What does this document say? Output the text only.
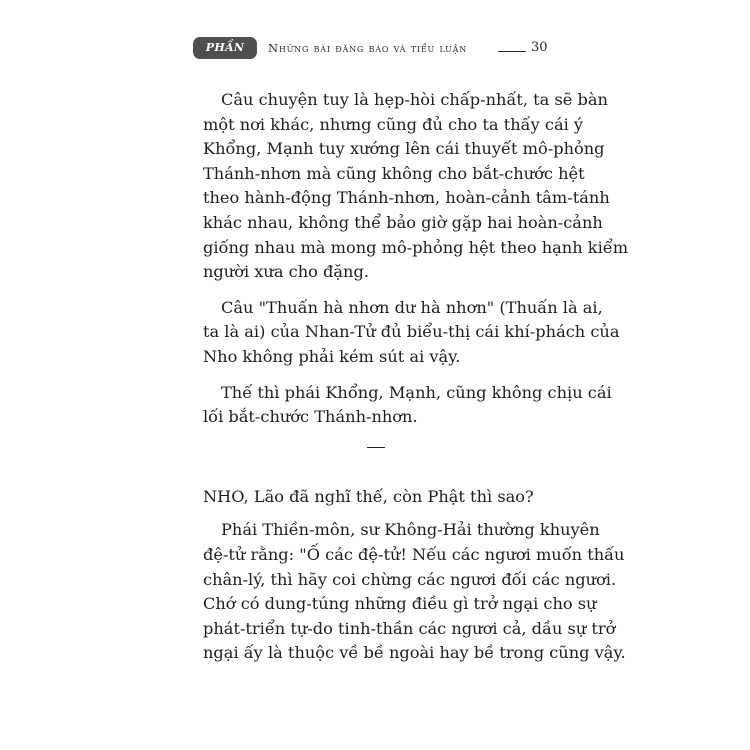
PHẦN MỘT
Những bài đăng báo và tiểu luận	30

Câu chuyện tuy là hẹp-hòi chấp-nhất, ta sẽ bàn

một nơi khác, nhưng cũng đủ cho ta thấy cái ý

Khổng, Mạnh tuy xướng lên cái thuyết mô-phỏng

Thánh-nhơn mà cũng không cho bắt-chước hệt

theo hành-động Thánh-nhơn, hoàn-cảnh tâm-tánh

khác nhau, không thể bảo giờ gặp hai hoàn-cảnh

giống nhau mà mong mô-phỏng hệt theo hạnh kiểm

người xưa cho đặng.

Câu "Thuấn hà nhơn dư hà nhơn" (Thuấn là ai,

ta là ai) của Nhan-Tử đủ biểu-thị cái khí-phách của

Nho không phải kém sút ai vậy.

Thế thì phái Khổng, Mạnh, cũng không chịu cái

lối bắt-chước Thánh-nhơn.

NHO, Lão đã nghĩ thế, còn Phật thì sao?

Phái Thiền-môn, sư Không-Hải thường khuyên

đệ-tử rằng: "Ố các đệ-tử! Nếu các ngươi muốn thấu

chân-lý, thì hãy coi chừng các ngươi đối các ngươi.

Chớ có dung-túng những điều gì trở ngại cho sự

phát-triển tự-do tinh-thần các ngươi cả, dầu sự trở

ngại ấy là thuộc về bề ngoài hay bề trong cũng vậy.
